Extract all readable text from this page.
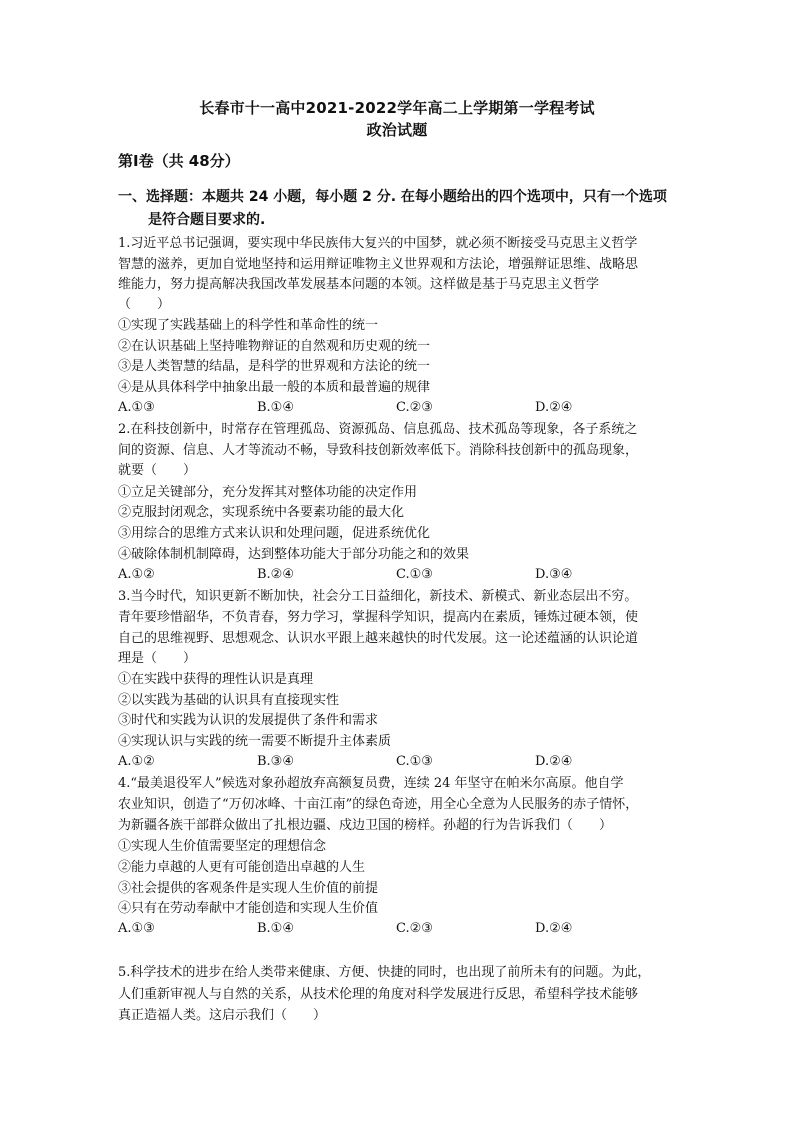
长春市十一高中2021-2022学年高二上学期第一学程考试
政治试题
第Ⅰ卷（共 48分）
一、选择题：本题共 24 小题，每小题 2 分. 在每小题给出的四个选项中，只有一个选项
是符合题目要求的.
1.习近平总书记强调，要实现中华民族伟大复兴的中国梦，就必须不断接受马克思主义哲学
智慧的滋养，更加自觉地坚持和运用辩证唯物主义世界观和方法论，增强辩证思维、战略思
维能力，努力提高解决我国改革发展基本问题的本领。这样做是基于马克思主义哲学
（　　）
①实现了实践基础上的科学性和革命性的统一
②在认识基础上坚持唯物辩证的自然观和历史观的统一
③是人类智慧的结晶，是科学的世界观和方法论的统一
④是从具体科学中抽象出最一般的本质和最普遍的规律
A.①③	B.①④	C.②③	D.②④
2.在科技创新中，时常存在管理孤岛、资源孤岛、信息孤岛、技术孤岛等现象，各子系统之
间的资源、信息、人才等流动不畅，导致科技创新效率低下。消除科技创新中的孤岛现象，
就要（　　）
①立足关键部分，充分发挥其对整体功能的决定作用
②克服封闭观念，实现系统中各要素功能的最大化
③用综合的思维方式来认识和处理问题，促进系统优化
④破除体制机制障碍，达到整体功能大于部分功能之和的效果
A.①②	B.②④	C.①③	D.③④
3.当今时代，知识更新不断加快，社会分工日益细化，新技术、新模式、新业态层出不穷。
青年要珍惜韶华，不负青春，努力学习，掌握科学知识，提高内在素质，锤炼过硬本领，使
自己的思维视野、思想观念、认识水平跟上越来越快的时代发展。这一论述蕴涵的认识论道
理是（　　）
①在实践中获得的理性认识是真理
②以实践为基础的认识具有直接现实性
③时代和实践为认识的发展提供了条件和需求
④实现认识与实践的统一需要不断提升主体素质
A.①②	B.③④	C.①③	D.②④
4.“最美退役军人”候选对象孙超放弃高额复员费，连续 24 年坚守在帕米尔高原。他自学
农业知识，创造了“万仞冰峰、十亩江南”的绿色奇迹，用全心全意为人民服务的赤子情怀，
为新疆各族干部群众做出了扎根边疆、戍边卫国的榜样。孙超的行为告诉我们（　　）
①实现人生价值需要坚定的理想信念
②能力卓越的人更有可能创造出卓越的人生
③社会提供的客观条件是实现人生价值的前提
④只有在劳动奉献中才能创造和实现人生价值
A.①③	B.①④	C.②③	D.②④
5.科学技术的进步在给人类带来健康、方便、快捷的同时，也出现了前所未有的问题。为此，
人们重新审视人与自然的关系，从技术伦理的角度对科学发展进行反思，希望科学技术能够
真正造福人类。这启示我们（　　）
